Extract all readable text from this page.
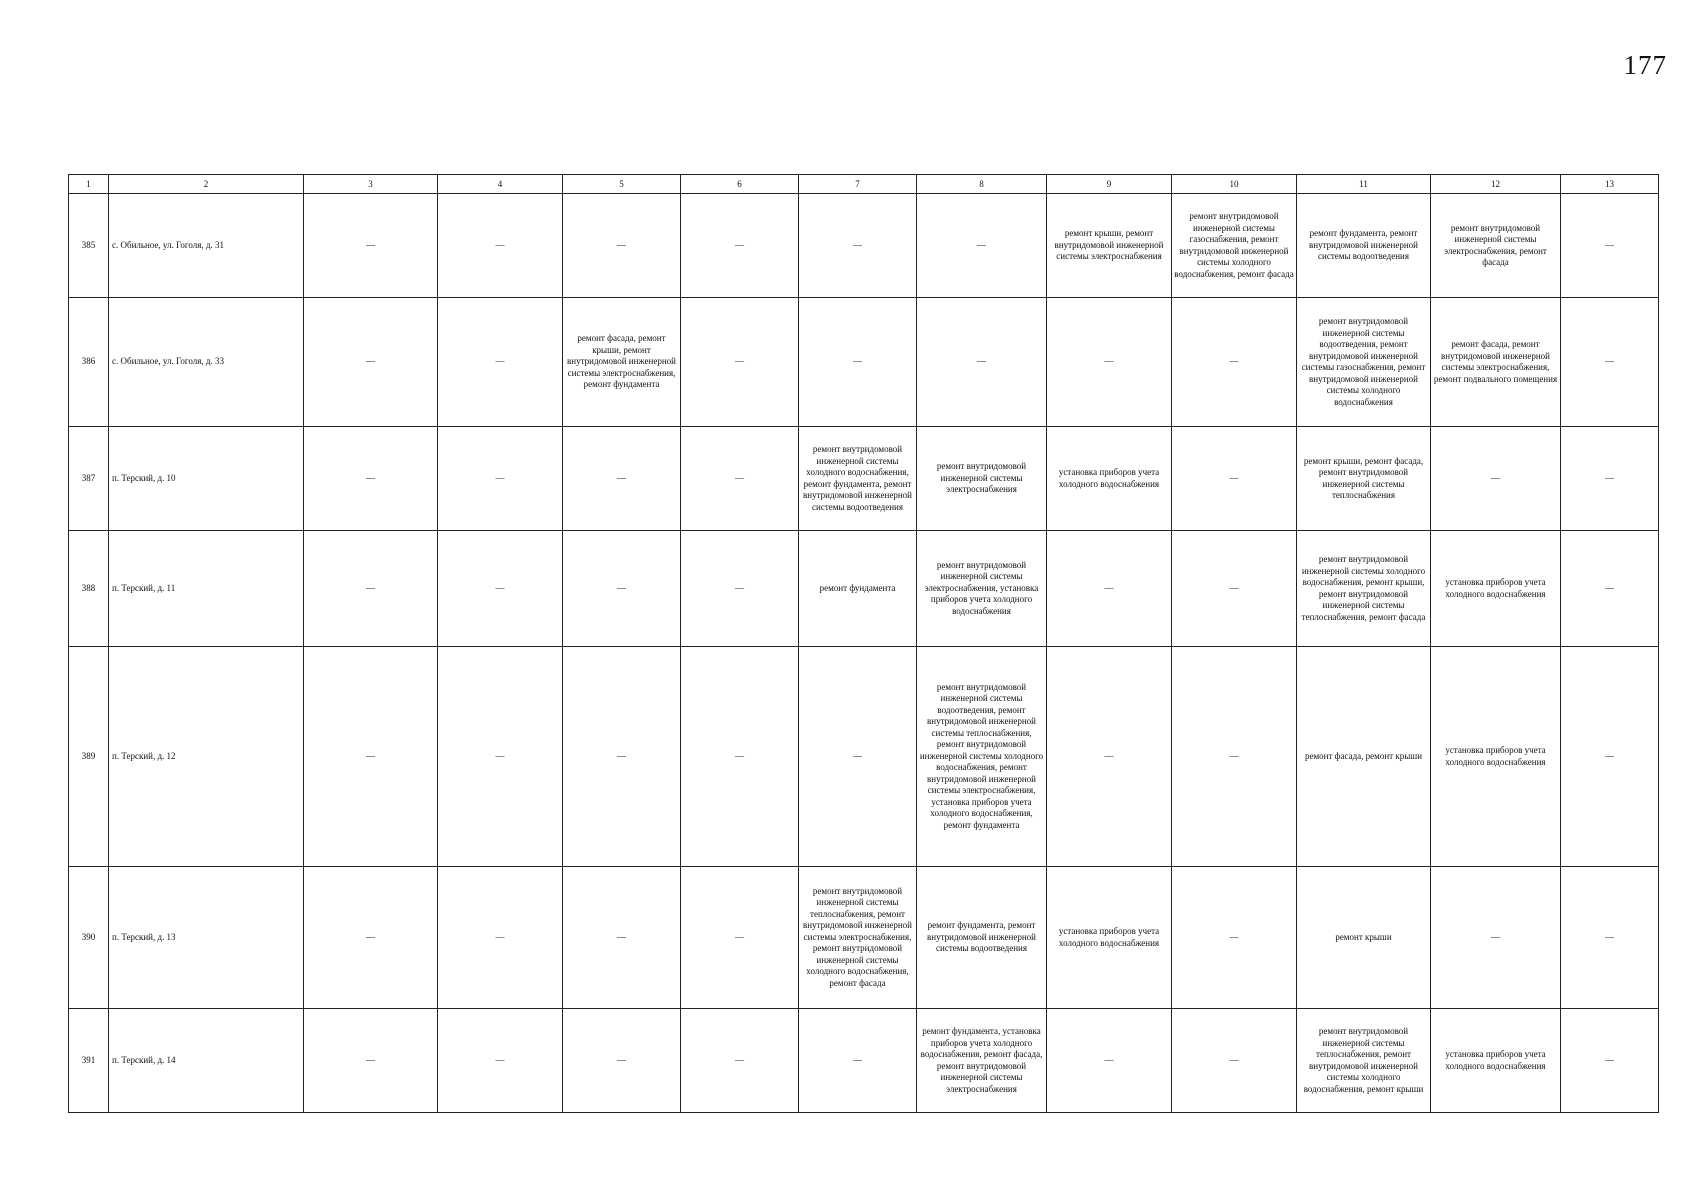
177
1	2	3	4	5	6	7	8	9	10	11	12	13
385	с. Обильное, ул. Гоголя, д. 31	—	—	—	—	—	—	ремонт крыши, ремонт внутридомовой инженерной системы электроснабжения	ремонт внутридомовой инженерной системы газоснабжения, ремонт внутридомовой инженерной системы холодного водоснабжения, ремонт фасада	ремонт фундамента, ремонт внутридомовой инженерной системы водоотведения	ремонт внутридомовой инженерной системы электроснабжения, ремонт фасада	—
386	с. Обильное, ул. Гоголя, д. 33	—	—	ремонт фасада, ремонт крыши, ремонт внутридомовой инженерной системы электроснабжения, ремонт фундамента	—	—	—	—	—	ремонт внутридомовой инженерной системы водоотведения, ремонт внутридомовой инженерной системы газоснабжения, ремонт внутридомовой инженерной системы холодного водоснабжения	ремонт фасада, ремонт внутридомовой инженерной системы электроснабжения, ремонт подвального помещения	—
387	п. Терский, д. 10	—	—	—	—	ремонт внутридомовой инженерной системы холодного водоснабжения, ремонт фундамента, ремонт внутридомовой инженерной системы водоотведения	ремонт внутридомовой инженерной системы электроснабжения	установка приборов учета холодного водоснабжения	—	ремонт крыши, ремонт фасада, ремонт внутридомовой инженерной системы теплоснабжения	—	—
388	п. Терский, д. 11	—	—	—	—	ремонт фундамента	ремонт внутридомовой инженерной системы электроснабжения, установка приборов учета холодного водоснабжения	—	—	ремонт внутридомовой инженерной системы холодного водоснабжения, ремонт крыши, ремонт внутридомовой инженерной системы теплоснабжения, ремонт фасада	установка приборов учета холодного водоснабжения	—
389	п. Терский, д. 12	—	—	—	—	—	ремонт внутридомовой инженерной системы водоотведения, ремонт внутридомовой инженерной системы теплоснабжения, ремонт внутридомовой инженерной системы холодного водоснабжения, ремонт внутридомовой инженерной системы электроснабжения, установка приборов учета холодного водоснабжения, ремонт фундамента	—	—	ремонт фасада, ремонт крыши	установка приборов учета холодного водоснабжения	—
390	п. Терский, д. 13	—	—	—	—	ремонт внутридомовой инженерной системы теплоснабжения, ремонт внутридомовой инженерной системы электроснабжения, ремонт внутридомовой инженерной системы холодного водоснабжения, ремонт фасада	ремонт фундамента, ремонт внутридомовой инженерной системы водоотведения	установка приборов учета холодного водоснабжения	—	ремонт крыши	—	—
391	п. Терский, д. 14	—	—	—	—	—	ремонт фундамента, установка приборов учета холодного водоснабжения, ремонт фасада, ремонт внутридомовой инженерной системы электроснабжения	—	—	ремонт внутридомовой инженерной системы теплоснабжения, ремонт внутридомовой инженерной системы холодного водоснабжения, ремонт крыши	установка приборов учета холодного водоснабжения	—
